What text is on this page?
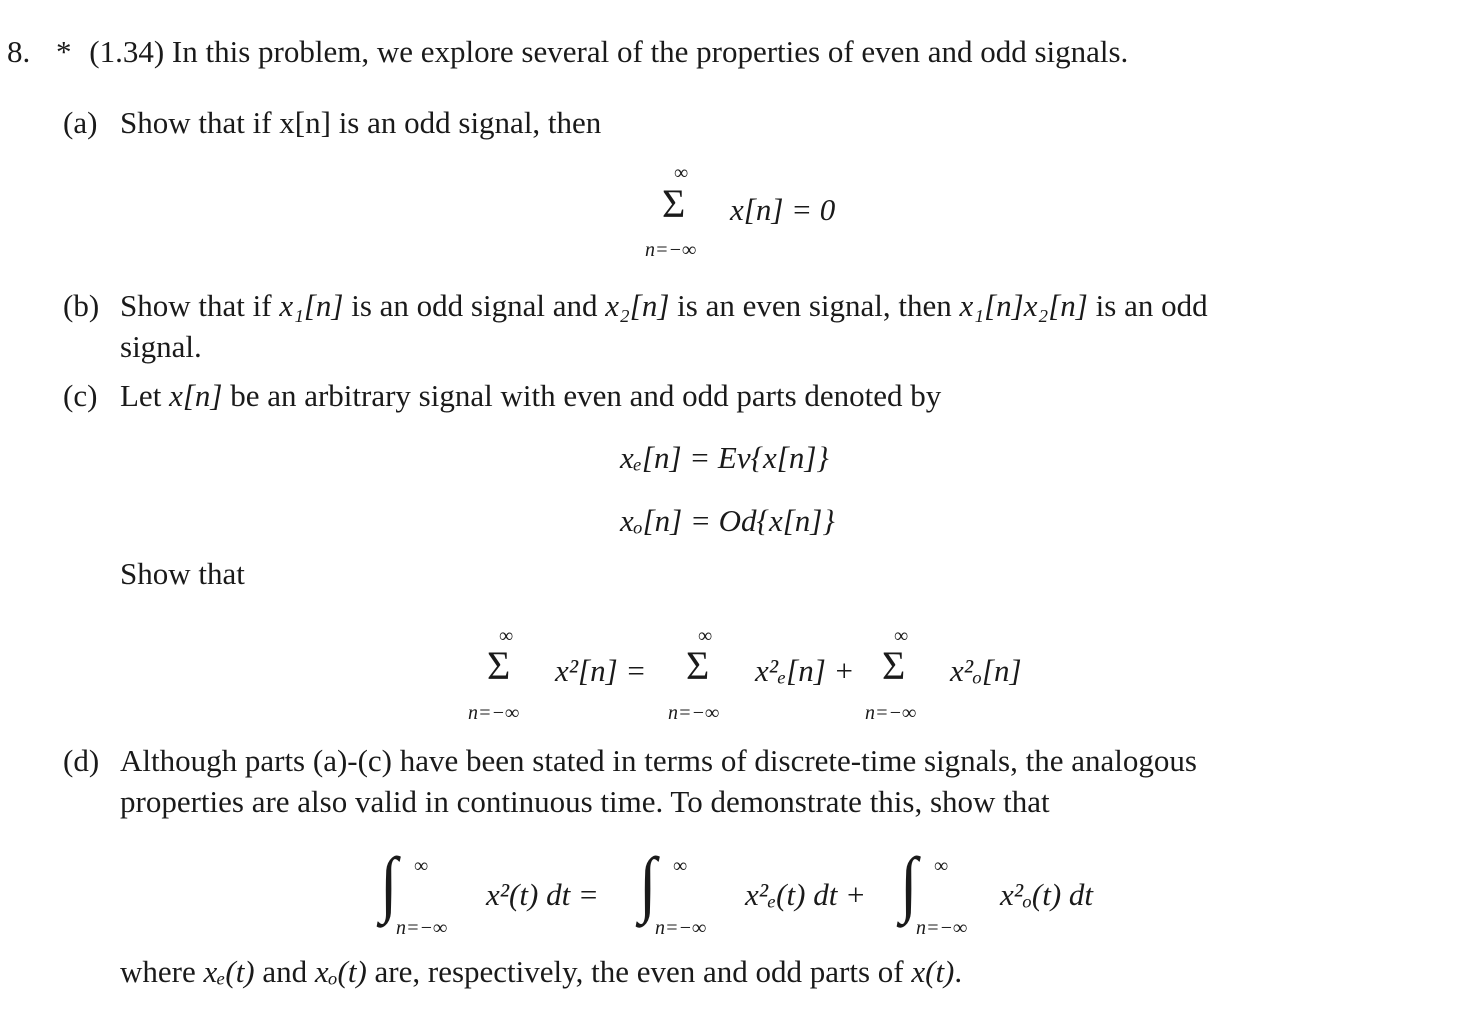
8. * (1.34) In this problem, we explore several of the properties of even and odd signals.
(a) Show that if x[n] is an odd signal, then
∞
Σ
n=−∞
x[n] = 0
(b) Show that if x₁[n] is an odd signal and x₂[n] is an even signal, then x₁[n]x₂[n] is an odd
signal.
(c) Let x[n] be an arbitrary signal with even and odd parts denoted by
xₑ[n] = Ev{x[n]}
xₒ[n] = Od{x[n]}
Show that
∞
Σ
n=−∞
x²[n] =
∞
Σ
n=−∞
x²ₑ[n] +
∞
Σ
n=−∞
x²ₒ[n]
(d) Although parts (a)-(c) have been stated in terms of discrete-time signals, the analogous
properties are also valid in continuous time. To demonstrate this, show that
∫ ∞
n=−∞
x²(t) dt = ∫ ∞
n=−∞
x²ₑ(t) dt + ∫ ∞
n=−∞
x²ₒ(t) dt
where xₑ(t) and xₒ(t) are, respectively, the even and odd parts of x(t).
